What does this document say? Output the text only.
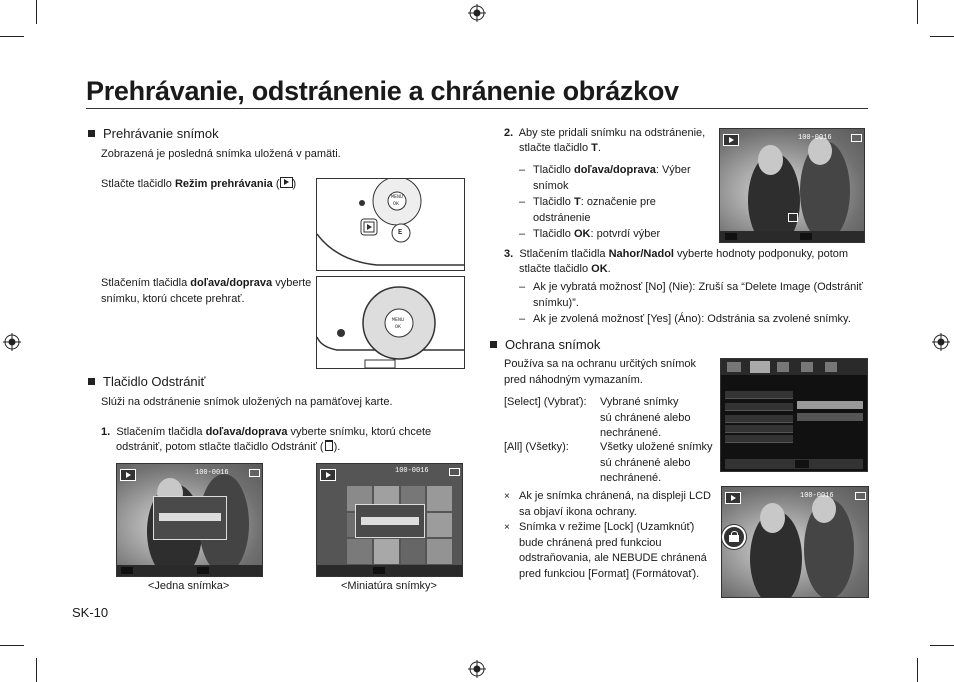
Prehrávanie, odstránenie a chránenie obrázkov
Prehrávanie snímok
Zobrazená je posledná snímka uložená v pamäti.
Stlačte tlačidlo Režim prehrávania ( )
Stlačením tlačidla doľava/doprava vyberte
snímku, ktorú chcete prehrať.
MENU
OK
E
MENU
OK
Tlačidlo Odstrániť
Slúži na odstránenie snímok uložených na pamäťovej karte.
1. Stlačením tlačidla doľava/doprava vyberte snímku, ktorú chcete
odstrániť, potom stlačte tlačidlo Odstrániť ( ).
100-0016
<Jedna snímka>
100-0016
<Miniatúra snímky>
2. Aby ste pridali snímku na odstránenie,
stlačte tlačidlo T.
– Tlačidlo doľava/doprava: Výber
snímok
– Tlačidlo T: označenie pre
odstránenie
– Tlačidlo OK: potvrdí výber
100-0016
3. Stlačením tlačidla Nahor/Nadol vyberte hodnoty podponuky, potom
stlačte tlačidlo OK.
– Ak je vybratá možnosť [No] (Nie): Zruší sa “Delete Image (Odstrániť
snímku)”.
– Ak je zvolená možnosť [Yes] (Áno): Odstránia sa zvolené snímky.
Ochrana snímok
Používa sa na ochranu určitých snímok
pred náhodným vymazaním.
[Select] (Vybrať): Vybrané snímky
sú chránené alebo
nechránené.
[All] (Všetky):	Všetky uložené snímky
sú chránené alebo
nechránené.
× Ak je snímka chránená, na displeji LCD
sa objaví ikona ochrany.
× Snímka v režime [Lock] (Uzamknúť)
bude chránená pred funkciou
odstraňovania, ale NEBUDE chránená
pred funkciou [Format] (Formátovať).
100-0016
SK-10
